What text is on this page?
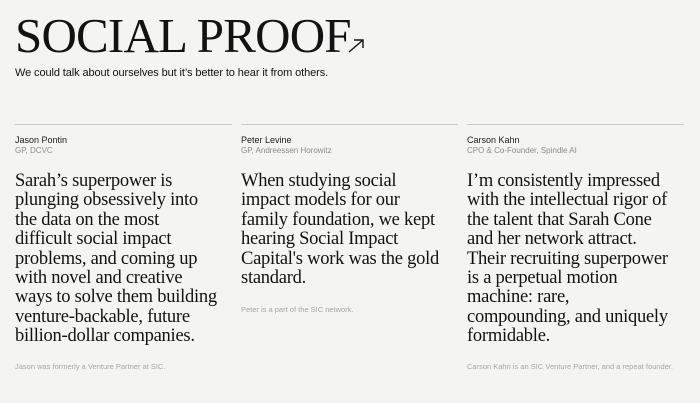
SOCIAL PROOF

We could talk about ourselves but it’s better to hear it from others.

Jason Pontin
GP, DCVC

Sarah’s superpower is
plunging obsessively into
the data on the most
difficult social impact
problems, and coming up
with novel and creative
ways to solve them building
venture-backable, future
billion-dollar companies.

Jason was formerly a Venture Partner at SIC.
Peter Levine
GP, Andreessen Horowitz

When studying social
impact models for our
family foundation, we kept
hearing Social Impact
Capital's work was the gold
standard.

Peter is a part of the SIC network.
Carson Kahn
CPO & Co-Founder, Spindle AI

I’m consistently impressed
with the intellectual rigor of
the talent that Sarah Cone
and her network attract.
Their recruiting superpower
is a perpetual motion
machine: rare,
compounding, and uniquely
formidable.

Carson Kahn is an SIC Venture Partner, and a repeat founder.
